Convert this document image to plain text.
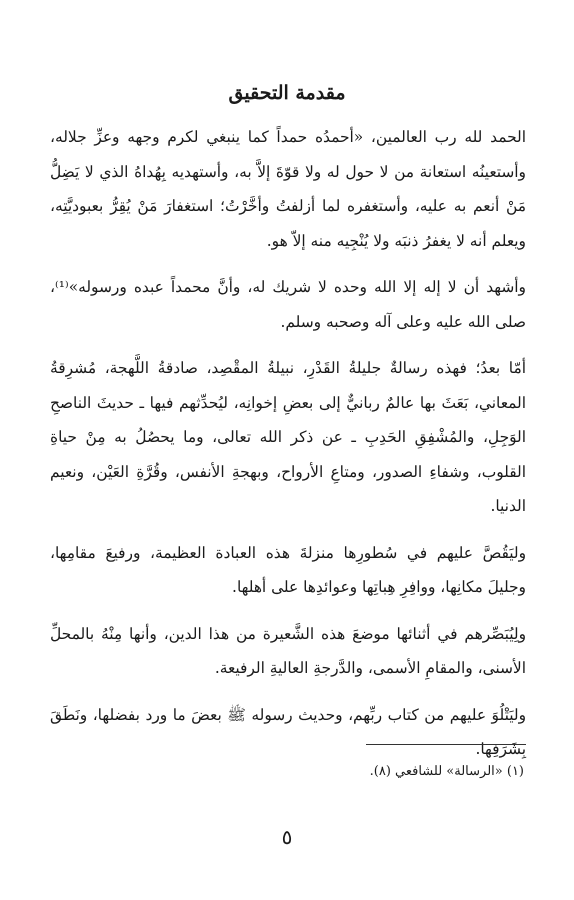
مقدمة التحقيق

الحمد لله رب العالمين، «أحمدُه حمداً كما ينبغي لكرم وجهه وعزِّ جلاله، وأستعينُه استعانة من لا حول له ولا قوّةَ إلاَّ به، وأستهديه بِهُداهُ الذي لا يَضِلُّ مَنْ أنعم به عليه، وأستغفره لما أزلفتُ وأخَّرْتُ؛ استغفارَ مَنْ يُقِرُّ بعبوديَّتِه، ويعلم أنه لا يغفرُ ذنبَه ولا يُنْجِيه منه إلاّ هو.

وأشهد أن لا إله إلا الله وحده لا شريك له، وأنَّ محمداً عبده ورسوله»⁽¹⁾، صلى الله عليه وعلى آله وصحبه وسلم.

أمّا بعدُ؛ فهذه رسالةٌ جليلةُ القَدْرِ، نبيلةُ المقْصِد، صادقةُ اللَّهجة، مُشرِقةُ المعاني، بَعَثَ بها عالمٌ ربانيٌّ إلى بعضِ إخوانِه، ليُحدِّثهم فيها ـ حديثَ الناصحِ الوَجِلِ، والمُشْفِقِ الحَدِبِ ـ عن ذكر الله تعالى، وما يحصُلُ به مِنْ حياةِ القلوب، وشفاءِ الصدور، ومتاعِ الأرواح، وبهجةِ الأنفس، وقُرَّةِ العَيْن، ونعيم الدنيا.

وليَقُصَّ عليهم في سُطورِها منزلةَ هذه العبادة العظيمة، ورفيعَ مقامِها، وجليلَ مكانِها، ووافِرِ هِباتِها وعوائدِها على أهلها.

ولِيُبَصِّرهم في أثنائها موضعَ هذه الشَّعيرة من هذا الدين، وأنها مِنْهُ بالمحلِّ الأسنى، والمقامِ الأسمى، والدَّرجةِ العاليةِ الرفيعة.

وليَتْلُوَ عليهم من كتاب ربِّهم، وحديث رسوله ﷺ بعضَ ما ورد بفضلها، ونَطَقَ بِشَرَفِها.

(١) «الرسالة» للشافعي (٨).
٥
